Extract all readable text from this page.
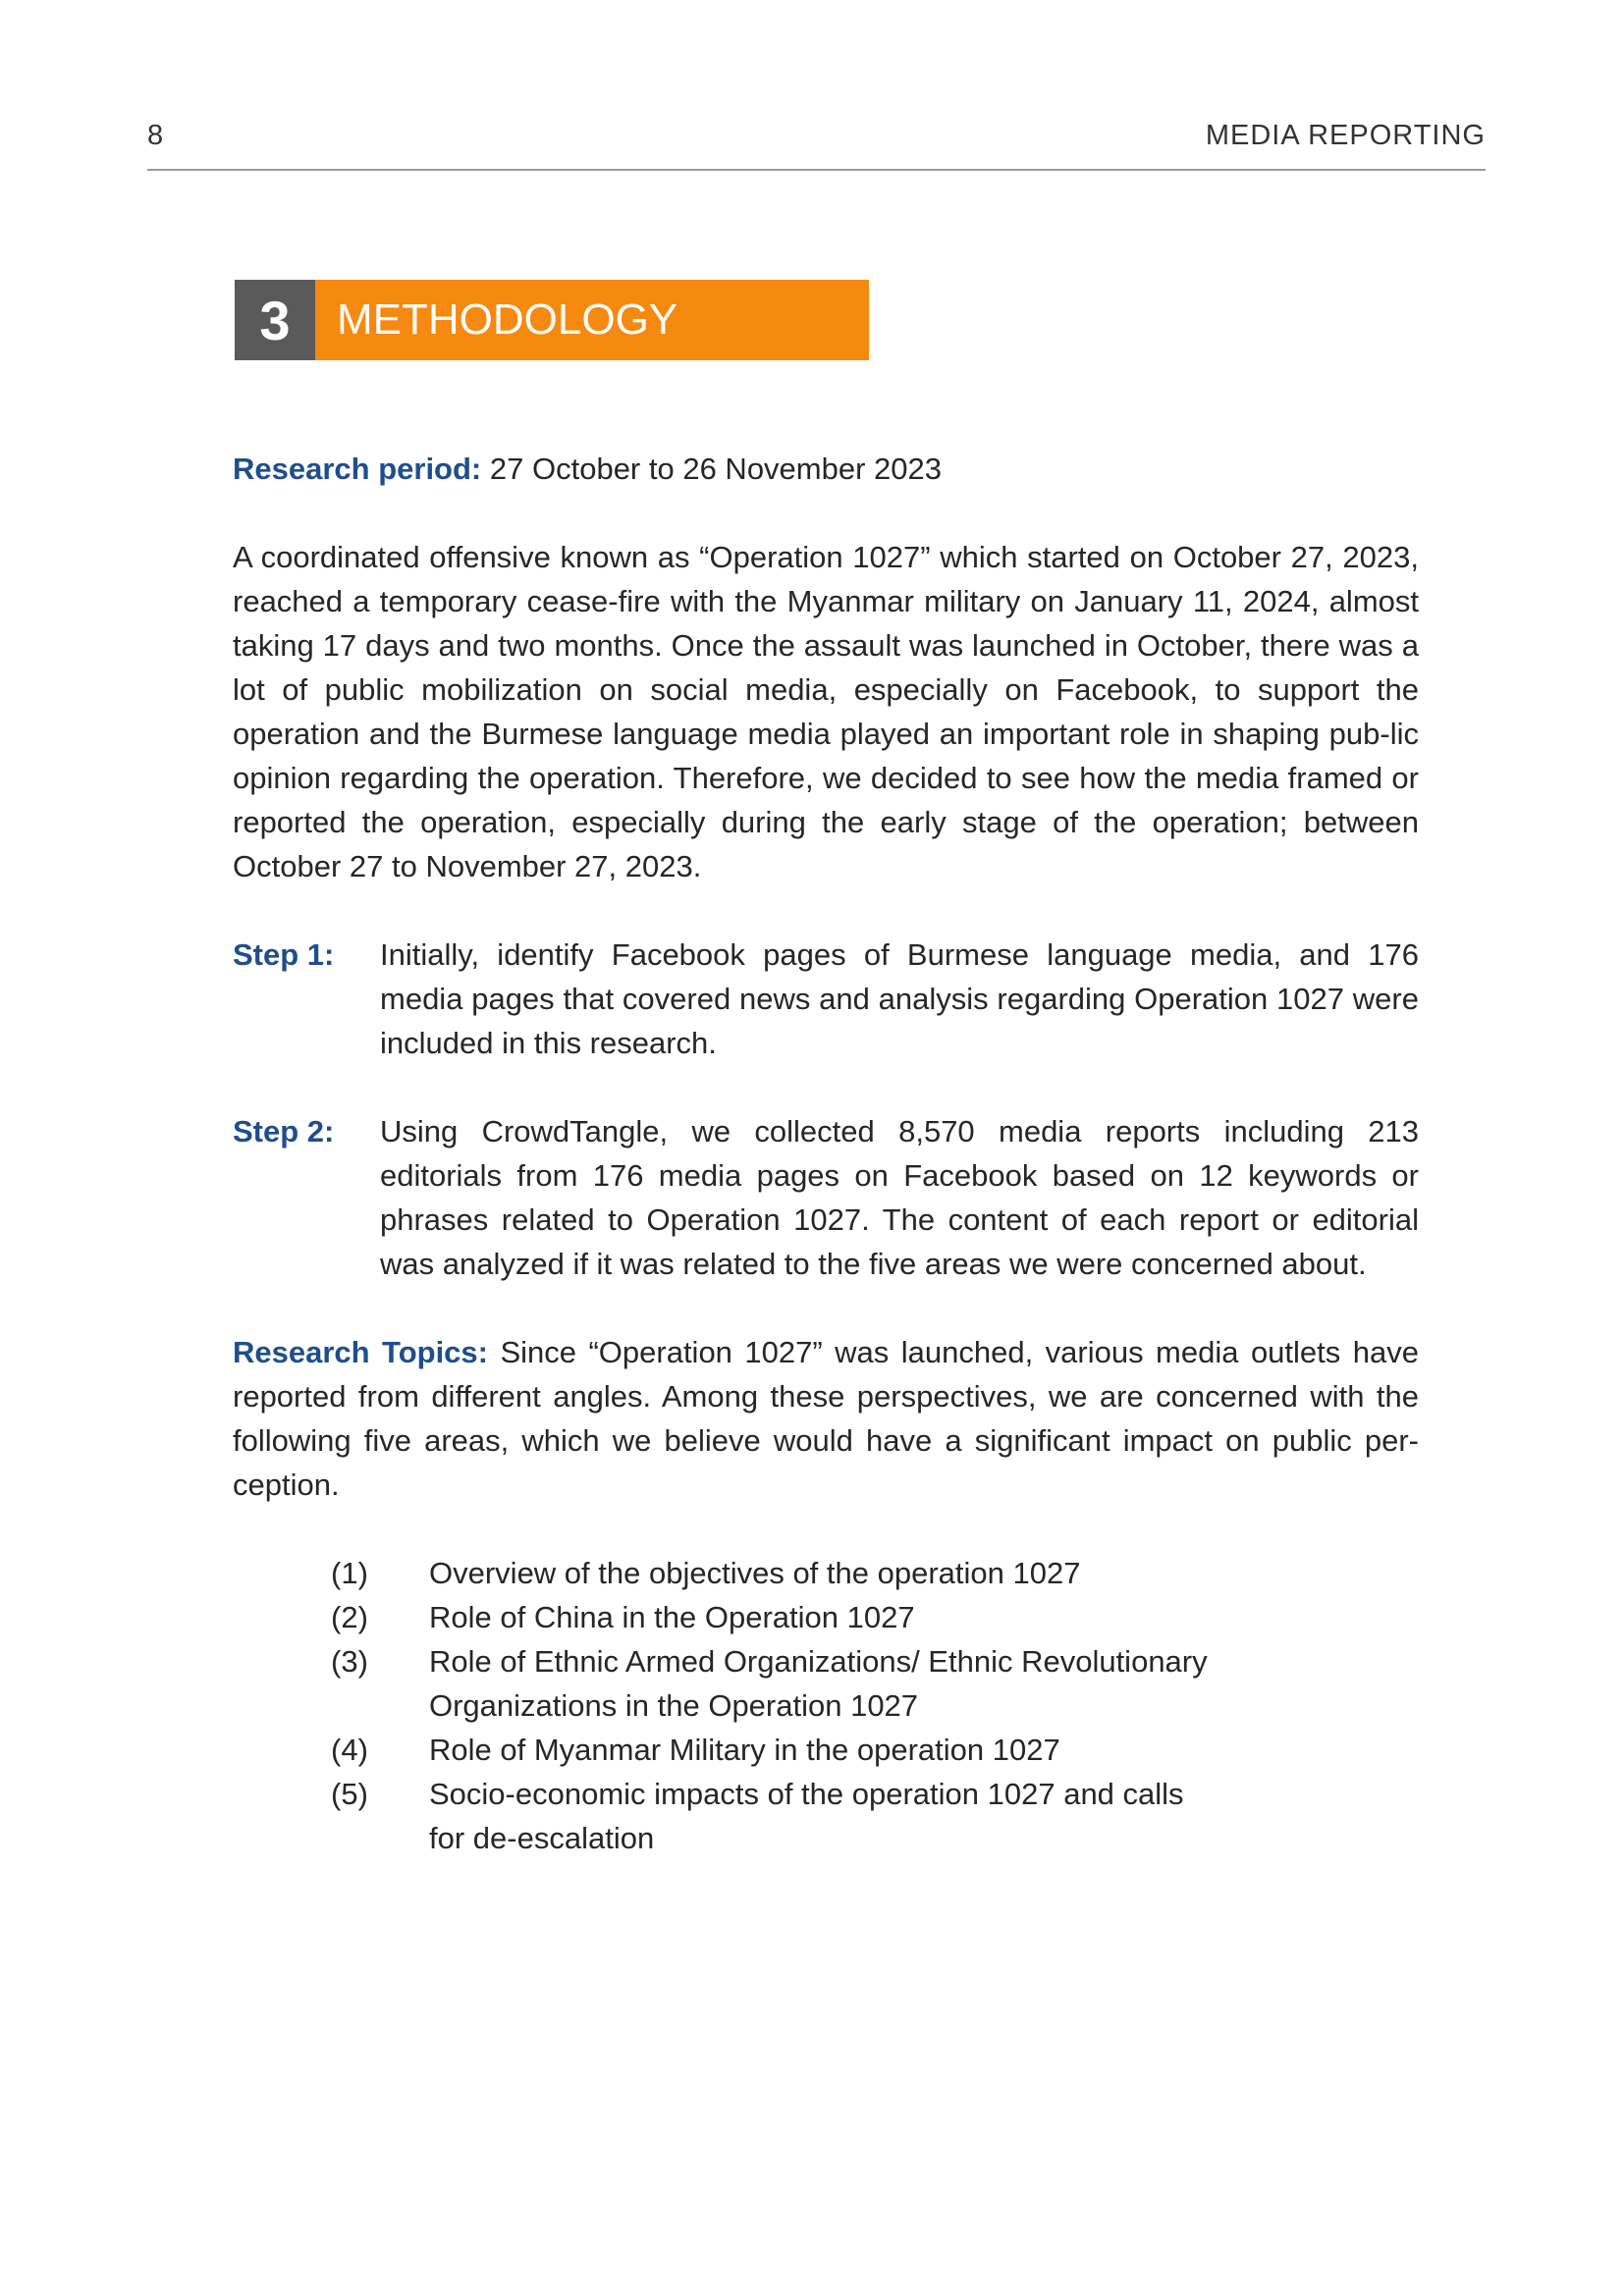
8	MEDIA REPORTING
3	METHODOLOGY

Research period: 27 October to 26 November 2023

A coordinated offensive known as “Operation 1027” which started on October 27, 2023, reached a temporary cease-fire with the Myanmar military on January 11, 2024, almost taking 17 days and two months. Once the assault was launched in October, there was a lot of public mobilization on social media, especially on Facebook, to support the operation and the Burmese language media played an important role in shaping pub-lic opinion regarding the operation. Therefore, we decided to see how the media framed or reported the operation, especially during the early stage of the operation; between October 27 to November 27, 2023.

Step 1:	Initially, identify Facebook pages of Burmese language media, and 176 media pages that covered news and analysis regarding Operation 1027 were included in this research.
Step 2:	Using CrowdTangle, we collected 8,570 media reports including 213 editorials from 176 media pages on Facebook based on 12 keywords or phrases related to Operation 1027. The content of each report or editorial was analyzed if it was related to the five areas we were concerned about.

Research Topics: Since “Operation 1027” was launched, various media outlets have reported from different angles. Among these perspectives, we are concerned with the following five areas, which we believe would have a significant impact on public per-ception.

(1)	Overview of the objectives of the operation 1027
(2)	Role of China in the Operation 1027
(3)	Role of Ethnic Armed Organizations/ Ethnic Revolutionary Organizations in the Operation 1027
(4)	Role of Myanmar Military in the operation 1027
(5)	Socio-economic impacts of the operation 1027 and calls for de-escalation
